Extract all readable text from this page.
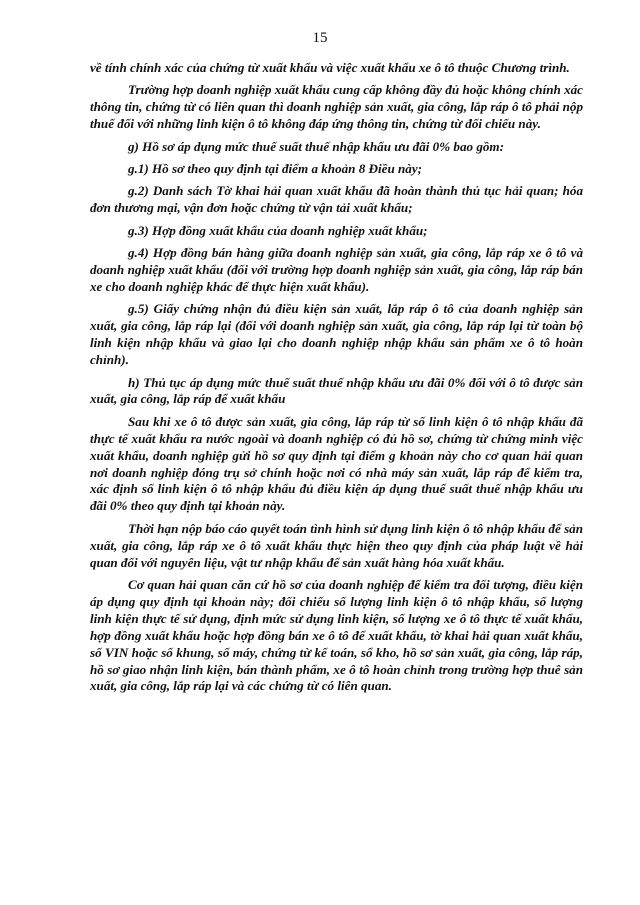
15

về tính chính xác của chứng từ xuất khẩu và việc xuất khẩu xe ô tô thuộc Chương trình.

Trường hợp doanh nghiệp xuất khẩu cung cấp không đầy đủ hoặc không chính xác thông tin, chứng từ có liên quan thì doanh nghiệp sản xuất, gia công, lắp ráp ô tô phải nộp thuế đối với những linh kiện ô tô không đáp ứng thông tin, chứng từ đối chiếu này.

g) Hồ sơ áp dụng mức thuế suất thuế nhập khẩu ưu đãi 0% bao gồm:

g.1) Hồ sơ theo quy định tại điểm a khoản 8 Điều này;

g.2) Danh sách Tờ khai hải quan xuất khẩu đã hoàn thành thủ tục hải quan; hóa đơn thương mại, vận đơn hoặc chứng từ vận tải xuất khẩu;

g.3) Hợp đồng xuất khẩu của doanh nghiệp xuất khẩu;

g.4) Hợp đồng bán hàng giữa doanh nghiệp sản xuất, gia công, lắp ráp xe ô tô và doanh nghiệp xuất khẩu (đối với trường hợp doanh nghiệp sản xuất, gia công, lắp ráp bán xe cho doanh nghiệp khác để thực hiện xuất khẩu).

g.5) Giấy chứng nhận đủ điều kiện sản xuất, lắp ráp ô tô của doanh nghiệp sản xuất, gia công, lắp ráp lại (đối với doanh nghiệp sản xuất, gia công, lắp ráp lại từ toàn bộ linh kiện nhập khẩu và giao lại cho doanh nghiệp nhập khẩu sản phẩm xe ô tô hoàn chỉnh).

h) Thủ tục áp dụng mức thuế suất thuế nhập khẩu ưu đãi 0% đối với ô tô được sản xuất, gia công, lắp ráp để xuất khẩu

Sau khi xe ô tô được sản xuất, gia công, lắp ráp từ số linh kiện ô tô nhập khẩu đã thực tế xuất khẩu ra nước ngoài và doanh nghiệp có đủ hồ sơ, chứng từ chứng minh việc xuất khẩu, doanh nghiệp gửi hồ sơ quy định tại điểm g khoản này cho cơ quan hải quan nơi doanh nghiệp đóng trụ sở chính hoặc nơi có nhà máy sản xuất, lắp ráp để kiểm tra, xác định số linh kiện ô tô nhập khẩu đủ điều kiện áp dụng thuế suất thuế nhập khẩu ưu đãi 0% theo quy định tại khoản này.

Thời hạn nộp báo cáo quyết toán tình hình sử dụng linh kiện ô tô nhập khẩu để sản xuất, gia công, lắp ráp xe ô tô xuất khẩu thực hiện theo quy định của pháp luật về hải quan đối với nguyên liệu, vật tư nhập khẩu để sản xuất hàng hóa xuất khẩu.

Cơ quan hải quan căn cứ hồ sơ của doanh nghiệp để kiểm tra đối tượng, điều kiện áp dụng quy định tại khoản này; đối chiếu số lượng linh kiện ô tô nhập khẩu, số lượng linh kiện thực tế sử dụng, định mức sử dụng linh kiện, số lượng xe ô tô thực tế xuất khẩu, hợp đồng xuất khẩu hoặc hợp đồng bán xe ô tô để xuất khẩu, tờ khai hải quan xuất khẩu, số VIN hoặc số khung, số máy, chứng từ kế toán, sổ kho, hồ sơ sản xuất, gia công, lắp ráp, hồ sơ giao nhận linh kiện, bán thành phẩm, xe ô tô hoàn chỉnh trong trường hợp thuê sản xuất, gia công, lắp ráp lại và các chứng từ có liên quan.
